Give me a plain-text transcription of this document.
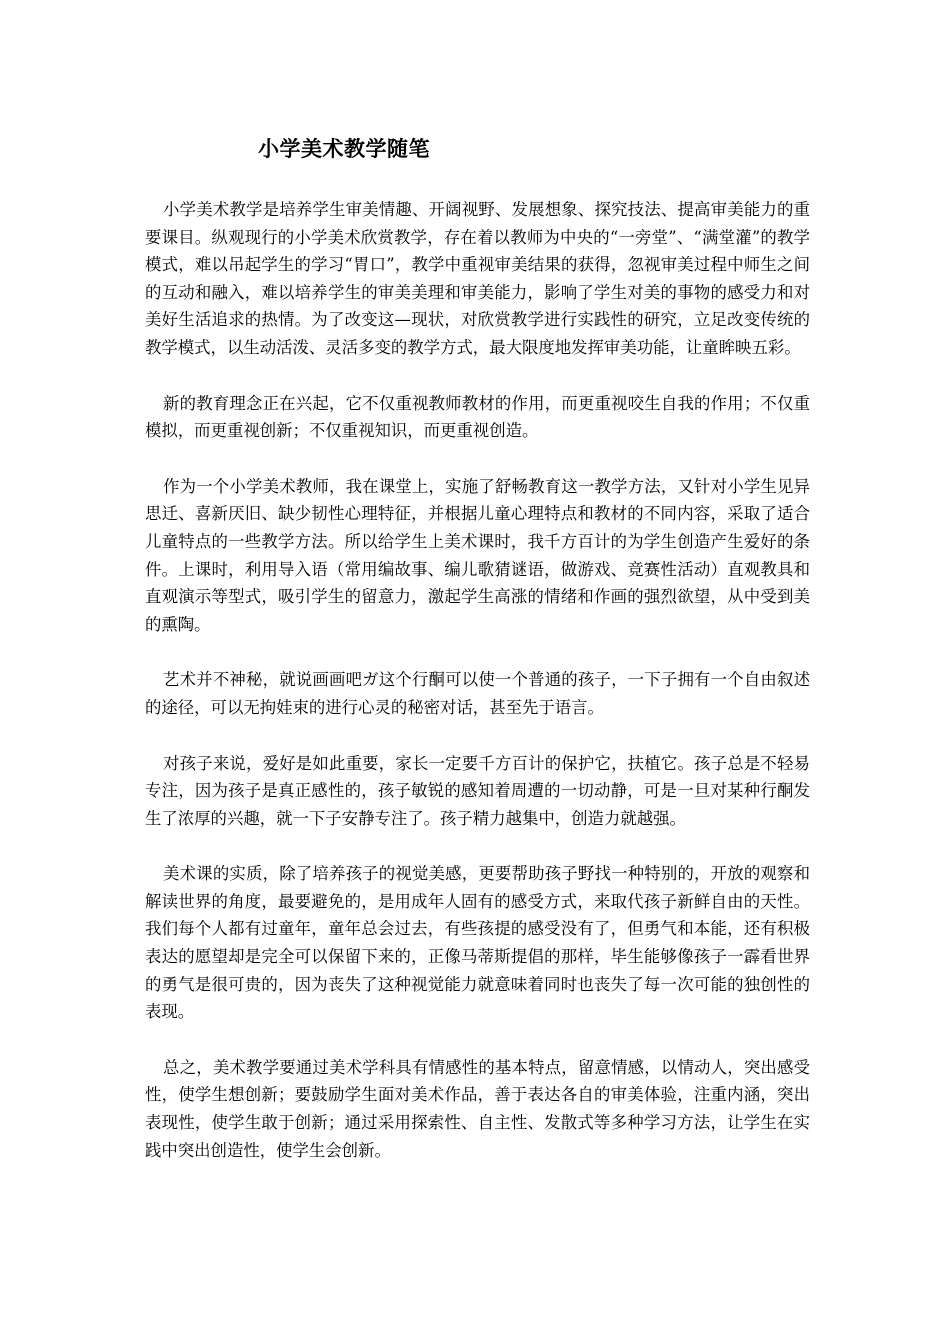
小学美术教学随笔

小学美术教学是培养学生审美情趣、开阔视野、发展想象、探究技法、提高审美能力的重要课目。纵观现行的小学美术欣赏教学，存在着以教师为中央的“一旁堂”、“满堂灌”的教学模式，难以吊起学生的学习“胃口”，教学中重视审美结果的获得，忽视审美过程中师生之间的互动和融入，难以培养学生的审美美理和审美能力，影响了学生对美的事物的感受力和对美好生活追求的热情。为了改变这—现状，对欣赏教学进行实践性的研究，立足改变传统的教学模式，以生动活泼、灵活多变的教学方式，最大限度地发挥审美功能，让童眸映五彩。

新的教育理念正在兴起，它不仅重视教师教材的作用，而更重视咬生自我的作用；不仅重模拟，而更重视创新；不仅重视知识，而更重视创造。

作为一个小学美术教师，我在课堂上，实施了舒畅教育这一教学方法，又针对小学生见异思迁、喜新厌旧、缺少韧性心理特征，并根据儿童心理特点和教材的不同内容，采取了适合儿童特点的一些教学方法。所以给学生上美术课时，我千方百计的为学生创造产生爱好的条件。上课时，利用导入语（常用编故事、编儿歌猜谜语，做游戏、竞赛性活动）直观教具和直观演示等型式，吸引学生的留意力，激起学生高涨的情绪和作画的强烈欲望，从中受到美的熏陶。

艺术并不神秘，就说画画吧ガ这个行酮可以使一个普通的孩子，一下子拥有一个自由叙述的途径，可以无拘娃束的进行心灵的秘密对话，甚至先于语言。

对孩子来说，爱好是如此重要，家长一定要千方百计的保护它，扶植它。孩子总是不轻易专注，因为孩子是真正感性的，孩子敏锐的感知着周遭的一切动静，可是一旦对某种行酮发生了浓厚的兴趣，就一下子安静专注了。孩子精力越集中，创造力就越强。

美术课的实质，除了培养孩子的视觉美感，更要帮助孩子野找一种特别的，开放的观察和解读世界的角度，最要避免的，是用成年人固有的感受方式，来取代孩子新鲜自由的天性。我们每个人都有过童年，童年总会过去，有些孩提的感受没有了，但勇气和本能，还有积极表达的愿望却是完全可以保留下来的，正像马蒂斯提倡的那样，毕生能够像孩子一霹看世界的勇气是很可贵的，因为丧失了这种视觉能力就意味着同时也丧失了每一次可能的独创性的表现。

总之，美术教学要通过美术学科具有情感性的基本特点，留意情感，以情动人，突出感受性，使学生想创新；要鼓励学生面对美术作品，善于表达各自的审美体验，注重内涵，突出表现性，使学生敢于创新；通过采用探索性、自主性、发散式等多种学习方法，让学生在实践中突出创造性，使学生会创新。
